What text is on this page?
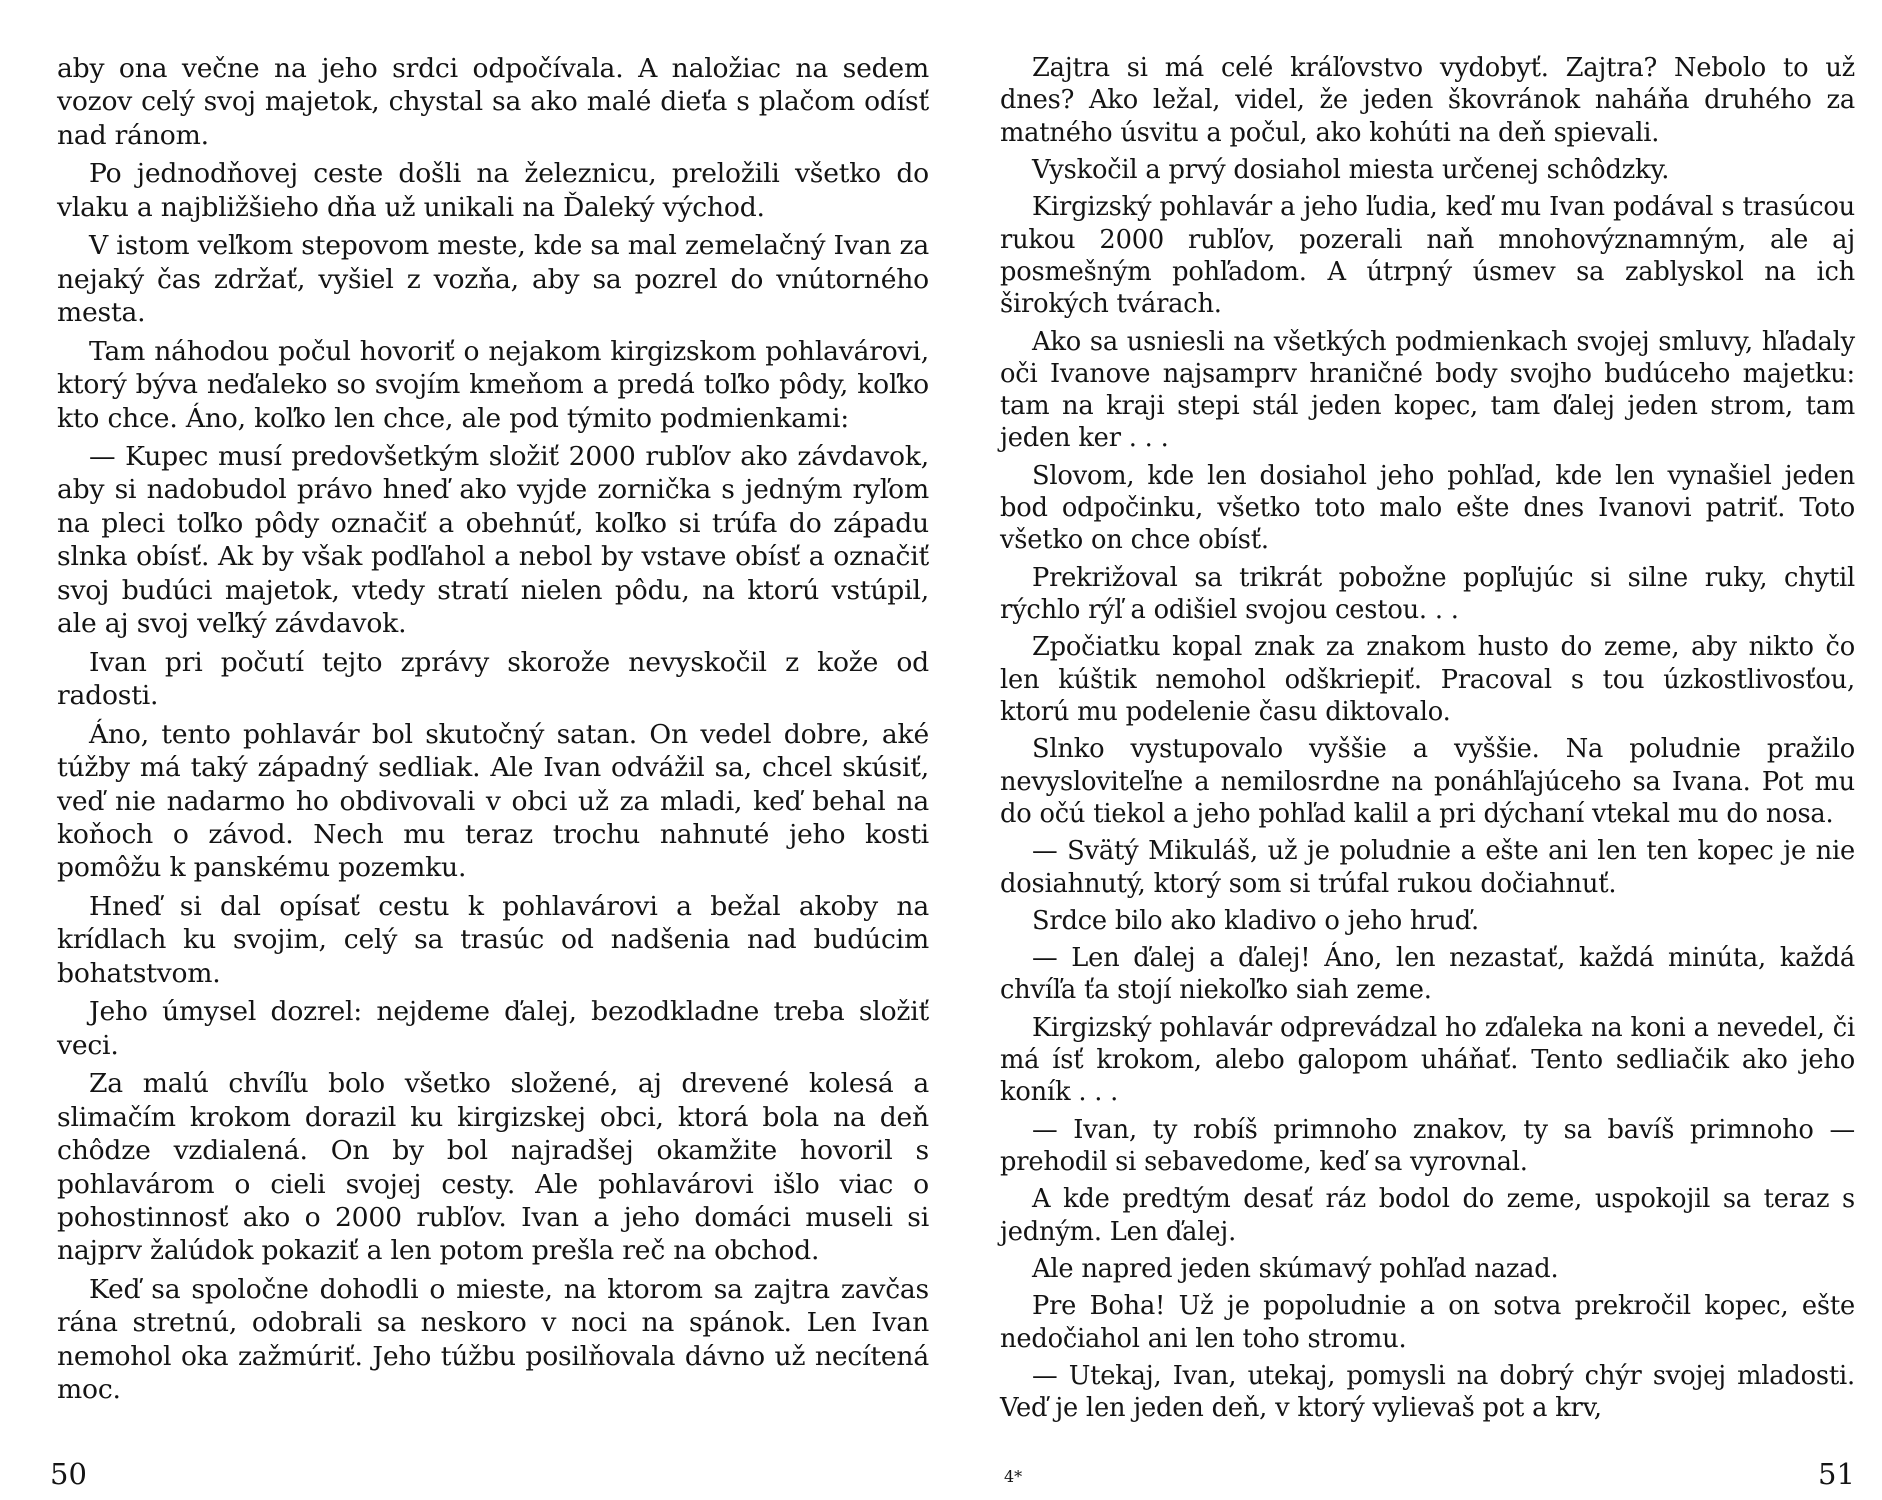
aby ona večne na jeho srdci odpočívala. A naložiac na sedem vozov celý svoj majetok, chystal sa ako malé dieťa s plačom odísť nad ránom.

Po jednodňovej ceste došli na železnicu, preložili všetko do vlaku a najbližšieho dňa už unikali na Ďaleký východ.

V istom veľkom stepovom meste, kde sa mal zemelačný Ivan za nejaký čas zdržať, vyšiel z vozňa, aby sa pozrel do vnútorného mesta.

Tam náhodou počul hovoriť o nejakom kirgizskom pohlavárovi, ktorý býva neďaleko so svojím kmeňom a predá toľko pôdy, koľko kto chce. Áno, koľko len chce, ale pod týmito podmienkami:

— Kupec musí predovšetkým složiť 2000 rubľov ako závdavok, aby si nadobudol právo hneď ako vyjde zornička s jedným ryľom na pleci toľko pôdy označiť a obehnúť, koľko si trúfa do západu slnka obísť. Ak by však podľahol a nebol by vstave obísť a označiť svoj budúci majetok, vtedy stratí nielen pôdu, na ktorú vstúpil, ale aj svoj veľký závdavok.

Ivan pri počutí tejto zprávy skorože nevyskočil z kože od radosti.

Áno, tento pohlavár bol skutočný satan. On vedel dobre, aké túžby má taký západný sedliak. Ale Ivan odvážil sa, chcel skúsiť, veď nie nadarmo ho obdivovali v obci už za mladi, keď behal na koňoch o závod. Nech mu teraz trochu nahnuté jeho kosti pomôžu k panskému pozemku.

Hneď si dal opísať cestu k pohlavárovi a bežal akoby na krídlach ku svojim, celý sa trasúc od nadšenia nad budúcim bohatstvom.

Jeho úmysel dozrel: nejdeme ďalej, bezodkladne treba složiť veci.

Za malú chvíľu bolo všetko složené, aj drevené kolesá a slimačím krokom dorazil ku kirgizskej obci, ktorá bola na deň chôdze vzdialená. On by bol najradšej okamžite hovoril s pohlavárom o cieli svojej cesty. Ale pohlavárovi išlo viac o pohostinnosť ako o 2000 rubľov. Ivan a jeho domáci museli si najprv žalúdok pokaziť a len potom prešla reč na obchod.

Keď sa spoločne dohodli o mieste, na ktorom sa zajtra zavčas rána stretnú, odobrali sa neskoro v noci na spánok. Len Ivan nemohol oka zažmúriť. Jeho túžbu posilňovala dávno už necítená moc.

Zajtra si má celé kráľovstvo vydobyť. Zajtra? Nebolo to už dnes? Ako ležal, videl, že jeden škovránok naháňa druhého za matného úsvitu a počul, ako kohúti na deň spievali.

Vyskočil a prvý dosiahol miesta určenej schôdzky.

Kirgizský pohlavár a jeho ľudia, keď mu Ivan podával s trasúcou rukou 2000 rubľov, pozerali naň mnohovýznamným, ale aj posmešným pohľadom. A útrpný úsmev sa zablyskol na ich širokých tvárach.

Ako sa usniesli na všetkých podmienkach svojej smluvy, hľadaly oči Ivanove najsamprv hraničné body svojho budúceho majetku: tam na kraji stepi stál jeden kopec, tam ďalej jeden strom, tam jeden ker . . .

Slovom, kde len dosiahol jeho pohľad, kde len vynašiel jeden bod odpočinku, všetko toto malo ešte dnes Ivanovi patriť. Toto všetko on chce obísť.

Prekrižoval sa trikrát pobožne popľujúc si silne ruky, chytil rýchlo rýľ a odišiel svojou cestou. . .

Zpočiatku kopal znak za znakom husto do zeme, aby nikto čo len kúštik nemohol odškriepiť. Pracoval s tou úzkostlivosťou, ktorú mu podelenie času diktovalo.

Slnko vystupovalo vyššie a vyššie. Na poludnie pražilo nevysloviteľne a nemilosrdne na ponáhľajúceho sa Ivana. Pot mu do očú tiekol a jeho pohľad kalil a pri dýchaní vtekal mu do nosa.

— Svätý Mikuláš, už je poludnie a ešte ani len ten kopec je nie dosiahnutý, ktorý som si trúfal rukou dočiahnuť.

Srdce bilo ako kladivo o jeho hruď.

— Len ďalej a ďalej! Áno, len nezastať, každá minúta, každá chvíľa ťa stojí niekoľko siah zeme.

Kirgizský pohlavár odprevádzal ho zďaleka na koni a nevedel, či má ísť krokom, alebo galopom uháňať. Tento sedliačik ako jeho koník . . .

— Ivan, ty robíš primnoho znakov, ty sa bavíš primnoho — prehodil si sebavedome, keď sa vyrovnal.

A kde predtým desať ráz bodol do zeme, uspokojil sa teraz s jedným. Len ďalej.

Ale napred jeden skúmavý pohľad nazad.

Pre Boha! Už je popoludnie a on sotva prekročil kopec, ešte nedočiahol ani len toho stromu.

— Utekaj, Ivan, utekaj, pomysli na dobrý chýr svojej mladosti. Veď je len jeden deň, v ktorý vylievaš pot a krv,

50	4*	51
